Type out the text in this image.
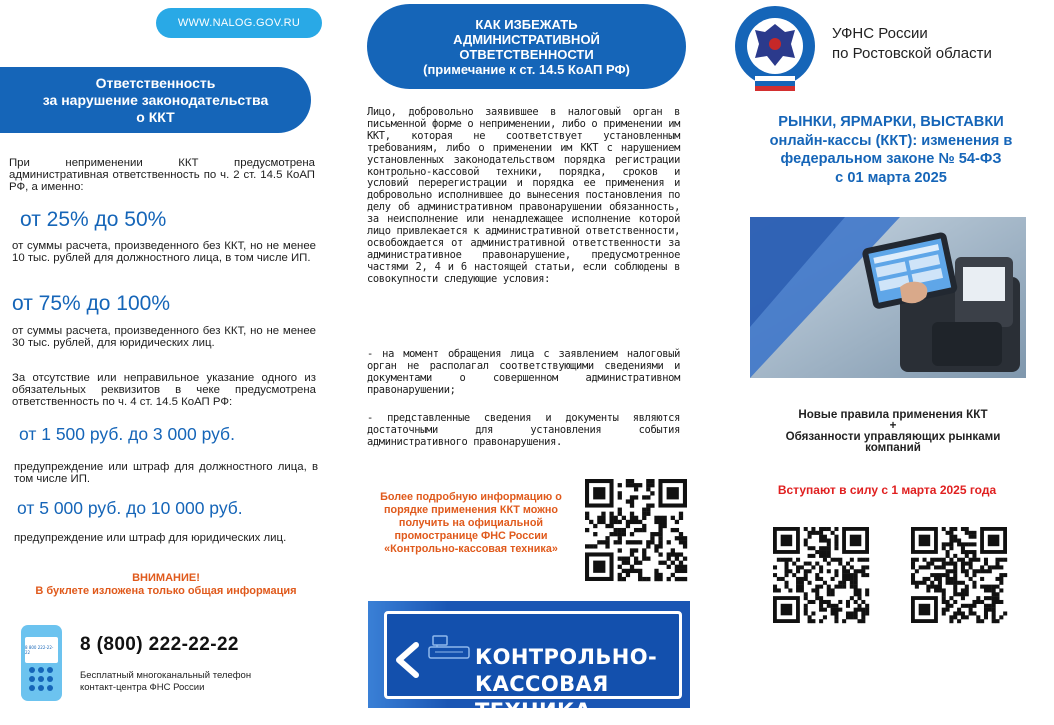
WWW.NALOG.GOV.RU
Ответственность
за нарушение законодательства
о ККТ
При неприменении ККТ предусмотрена административная ответственность по ч. 2 ст. 14.5 КоАП РФ, а именно:
от 25% до 50%
от суммы расчета, произведенного без ККТ, но не менее 10 тыс. рублей для должностного лица, в том числе ИП.
от 75% до 100%
от суммы расчета, произведенного без ККТ, но не менее 30 тыс. рублей, для юридических лиц.
За отсутствие или неправильное указание одного из обязательных реквизитов в чеке предусмотрена ответственность по ч. 4 ст. 14.5 КоАП РФ:
от 1 500 руб. до 3 000 руб.
предупреждение или штраф для должностного лица, в том числе ИП.
от 5 000 руб. до 10 000 руб.
предупреждение или штраф для юридических лиц.
ВНИМАНИЕ!
В буклете изложена только общая информация
8 800 222-22-22	8 (800) 222-22-22
Бесплатный многоканальный телефон
контакт-центра ФНС России
КАК ИЗБЕЖАТЬ
АДМИНИСТРАТИВНОЙ
ОТВЕТСТВЕННОСТИ
(примечание к ст. 14.5 КоАП РФ)
Лицо, добровольно заявившее в налоговый орган в письменной форме о неприменении, либо о применении им ККТ, которая не соответствует установленным требованиям, либо о применении им ККТ с нарушением установленных законодательством порядка регистрации контрольно-кассовой техники, порядка, сроков и условий перерегистрации и порядка ее применения и добровольно исполнившее до вынесения постановления по делу об административном правонарушении обязанность, за неисполнение или ненадлежащее исполнение которой лицо привлекается к административной ответственности, освобождается от административной ответственности за административное правонарушение, предусмотренное частями 2, 4 и 6 настоящей статьи, если соблюдены в совокупности следующие условия:
- на момент обращения лица с заявлением налоговый орган не располагал соответствующими сведениями и документами о совершенном административном правонарушении;
- представленные сведения и документы являются достаточными для установления события административного правонарушения.
Более подробную информацию о порядке применения ККТ можно получить на официальной промостранице ФНС России «Контрольно-кассовая техника»
КОНТРОЛЬНО-
КАССОВАЯ ТЕХНИКА
УФНС России
по Ростовской области
РЫНКИ, ЯРМАРКИ, ВЫСТАВКИ
онлайн-кассы (ККТ): изменения в
федеральном законе № 54-ФЗ
с 01 марта 2025
Новые правила применения ККТ
+
Обязанности управляющих рынками
компаний
Вступают в силу с 1 марта 2025 года
